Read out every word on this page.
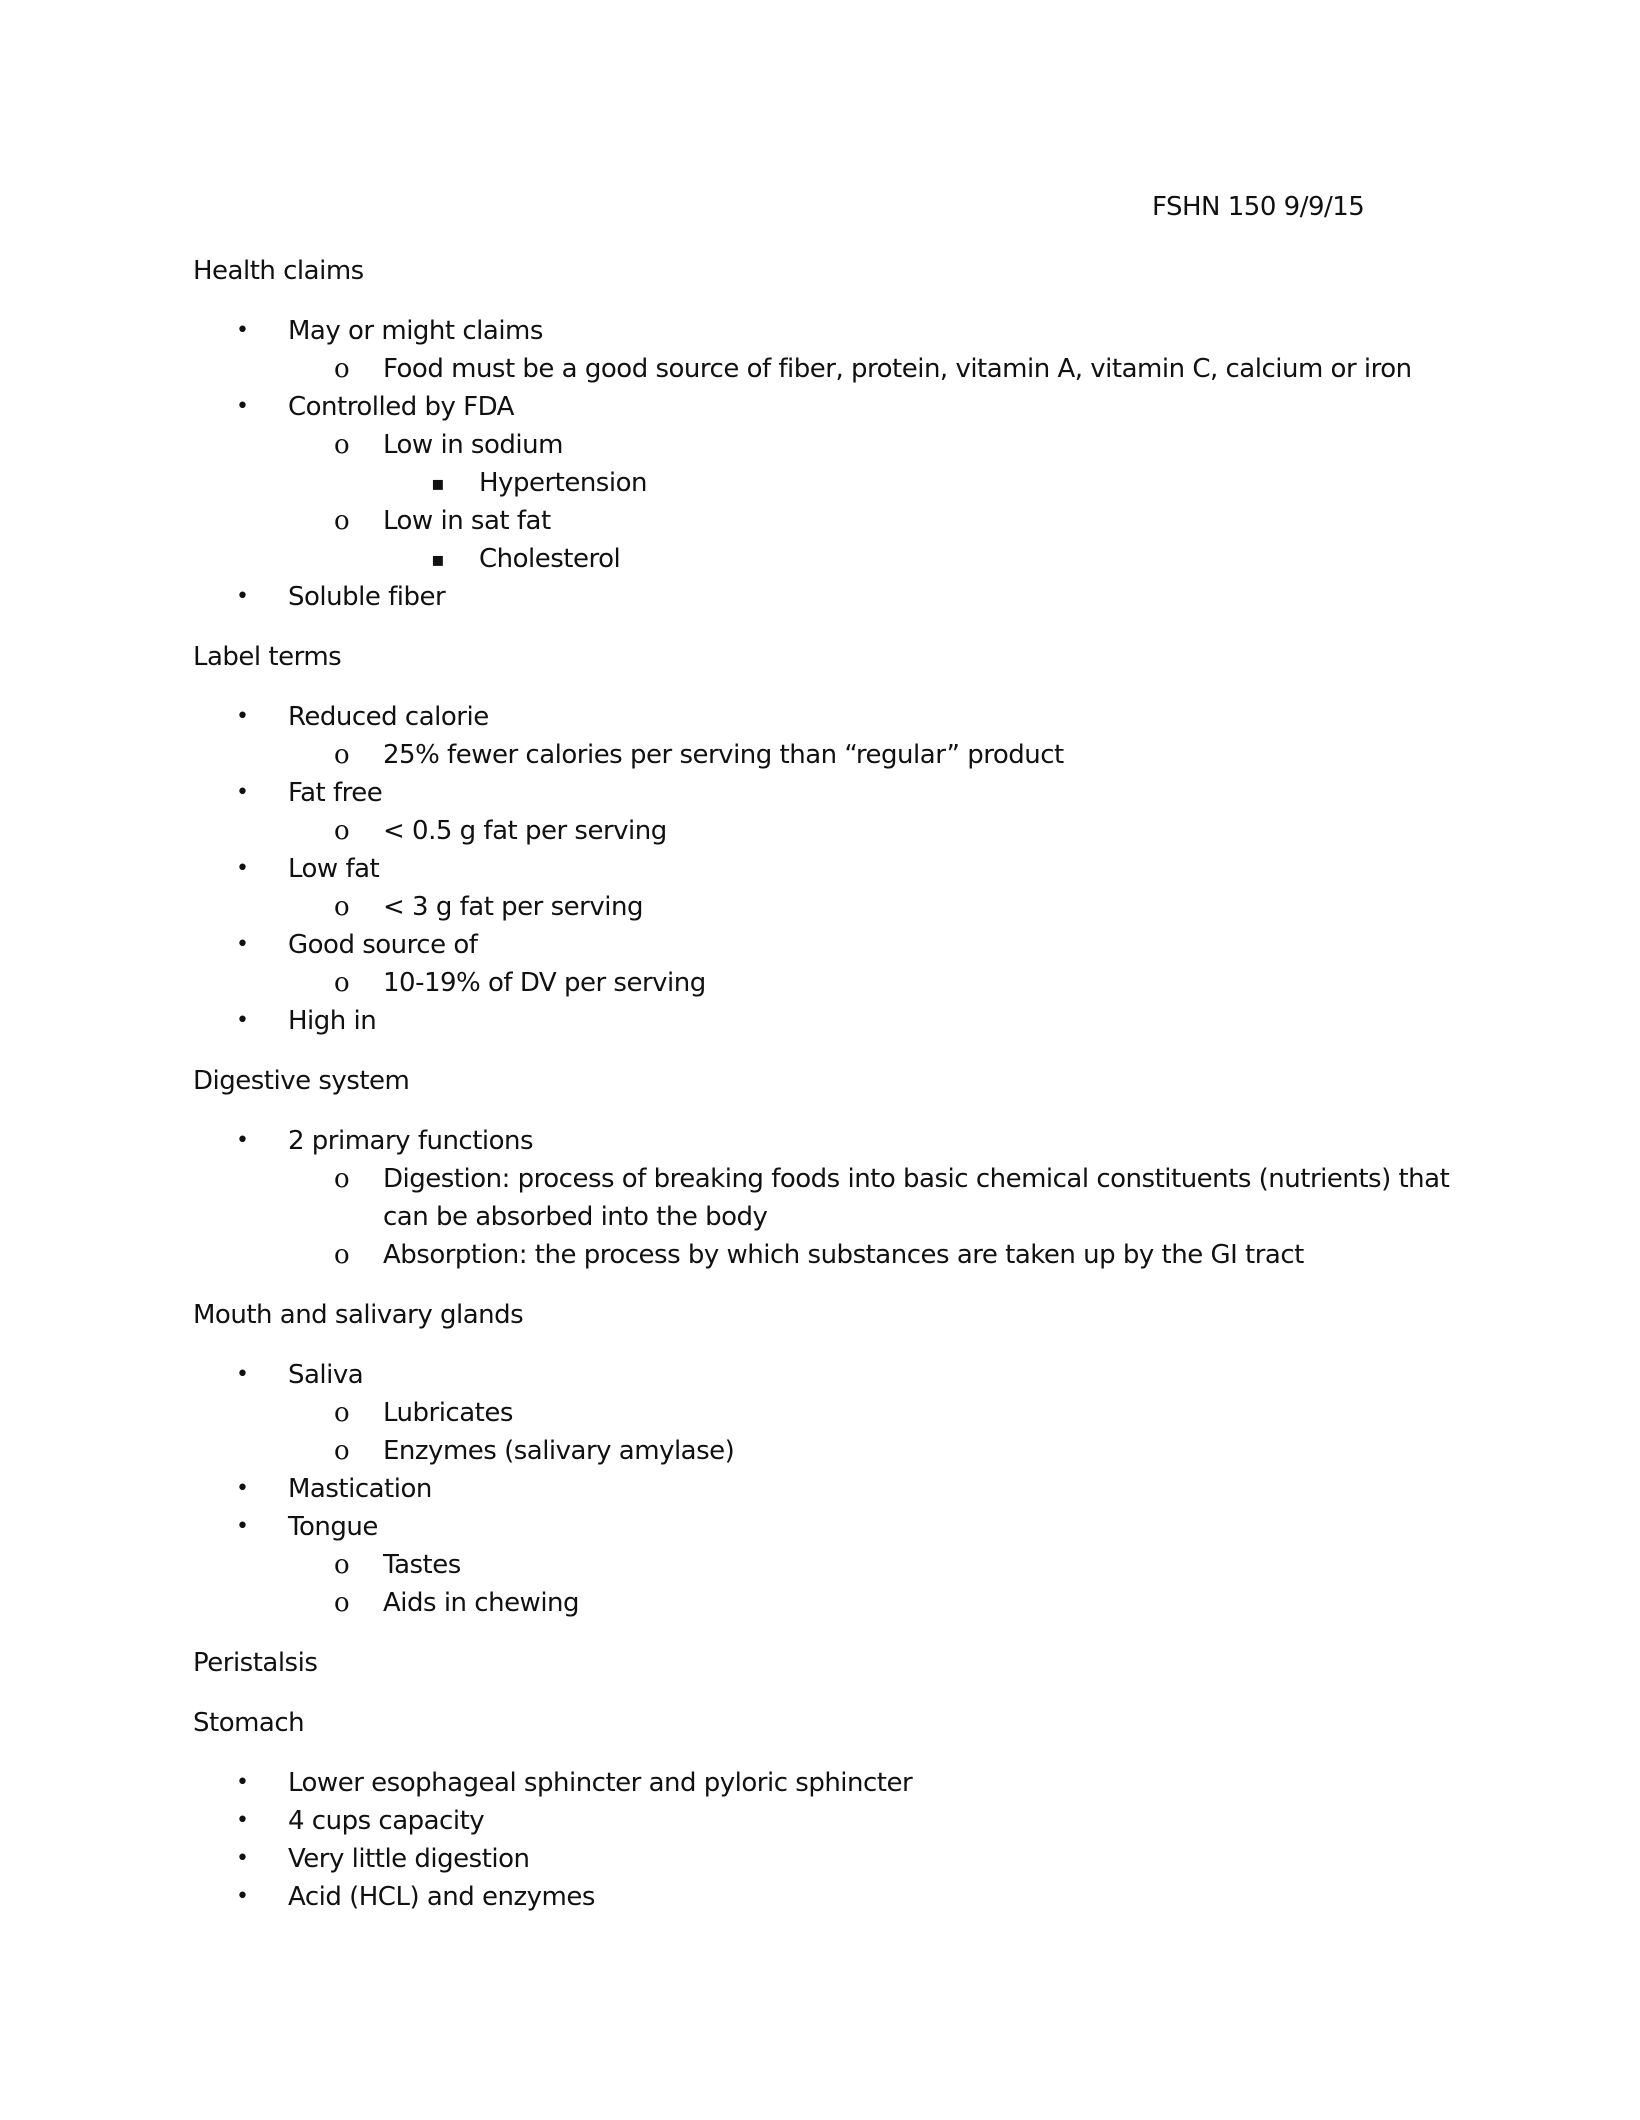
FSHN 150 9/9/15
Health claims
• May or might claims
o Food must be a good source of fiber, protein, vitamin A, vitamin C, calcium or iron
• Controlled by FDA
o Low in sodium
▪ Hypertension
o Low in sat fat
▪ Cholesterol
• Soluble fiber
Label terms
• Reduced calorie
o 25% fewer calories per serving than “regular” product
• Fat free
o < 0.5 g fat per serving
• Low fat
o < 3 g fat per serving
• Good source of
o 10-19% of DV per serving
• High in
Digestive system
• 2 primary functions
o Digestion: process of breaking foods into basic chemical constituents (nutrients) that can be absorbed into the body
o Absorption: the process by which substances are taken up by the GI tract
Mouth and salivary glands
• Saliva
o Lubricates
o Enzymes (salivary amylase)
• Mastication
• Tongue
o Tastes
o Aids in chewing
Peristalsis
Stomach
• Lower esophageal sphincter and pyloric sphincter
• 4 cups capacity
• Very little digestion
• Acid (HCL) and enzymes
